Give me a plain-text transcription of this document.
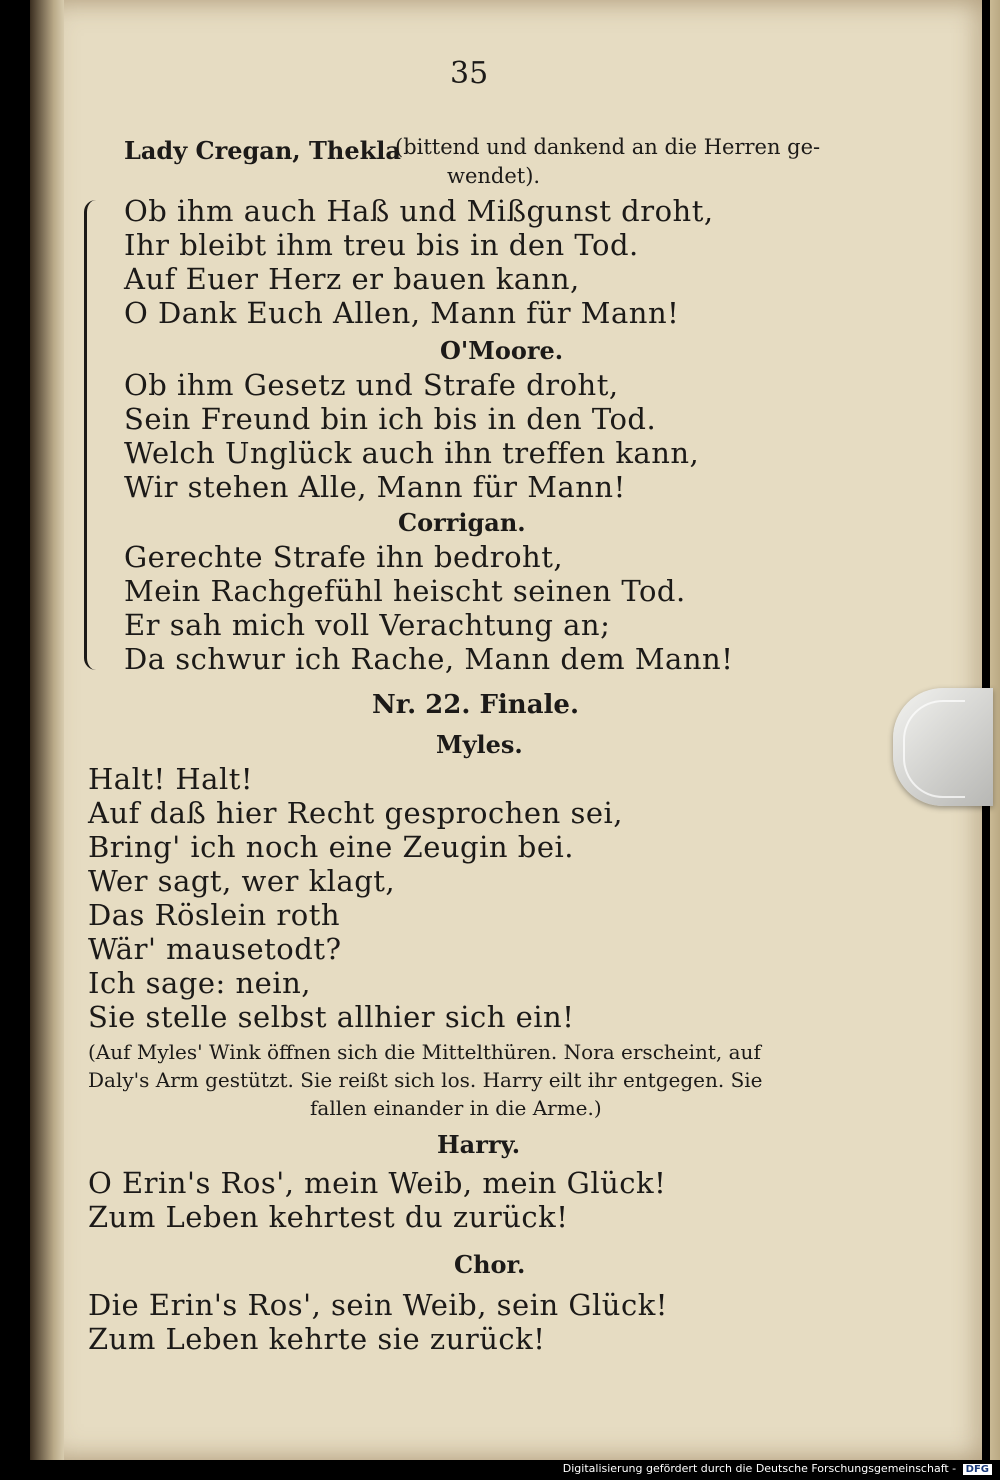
35
Lady Cregan, Thekla
(bittend und dankend an die Herren ge-
wendet).
Ob ihm auch Haß und Mißgunst droht,
Ihr bleibt ihm treu bis in den Tod.
Auf Euer Herz er bauen kann,
O Dank Euch Allen, Mann für Mann!
O'Moore.
Ob ihm Gesetz und Strafe droht,
Sein Freund bin ich bis in den Tod.
Welch Unglück auch ihn treffen kann,
Wir stehen Alle, Mann für Mann!
Corrigan.
Gerechte Strafe ihn bedroht,
Mein Rachgefühl heischt seinen Tod.
Er sah mich voll Verachtung an;
Da schwur ich Rache, Mann dem Mann!
Nr. 22. Finale.
Myles.
Halt! Halt!
Auf daß hier Recht gesprochen sei,
Bring' ich noch eine Zeugin bei.
Wer sagt, wer klagt,
Das Röslein roth
Wär' mausetodt?
Ich sage: nein,
Sie stelle selbst allhier sich ein!
(Auf Myles' Wink öffnen sich die Mittelthüren. Nora erscheint, auf
Daly's Arm gestützt. Sie reißt sich los. Harry eilt ihr entgegen. Sie
fallen einander in die Arme.)
Harry.
O Erin's Ros', mein Weib, mein Glück!
Zum Leben kehrtest du zurück!
Chor.
Die Erin's Ros', sein Weib, sein Glück!
Zum Leben kehrte sie zurück!
Digitalisierung gefördert durch die Deutsche Forschungsgemeinschaft - DFG
